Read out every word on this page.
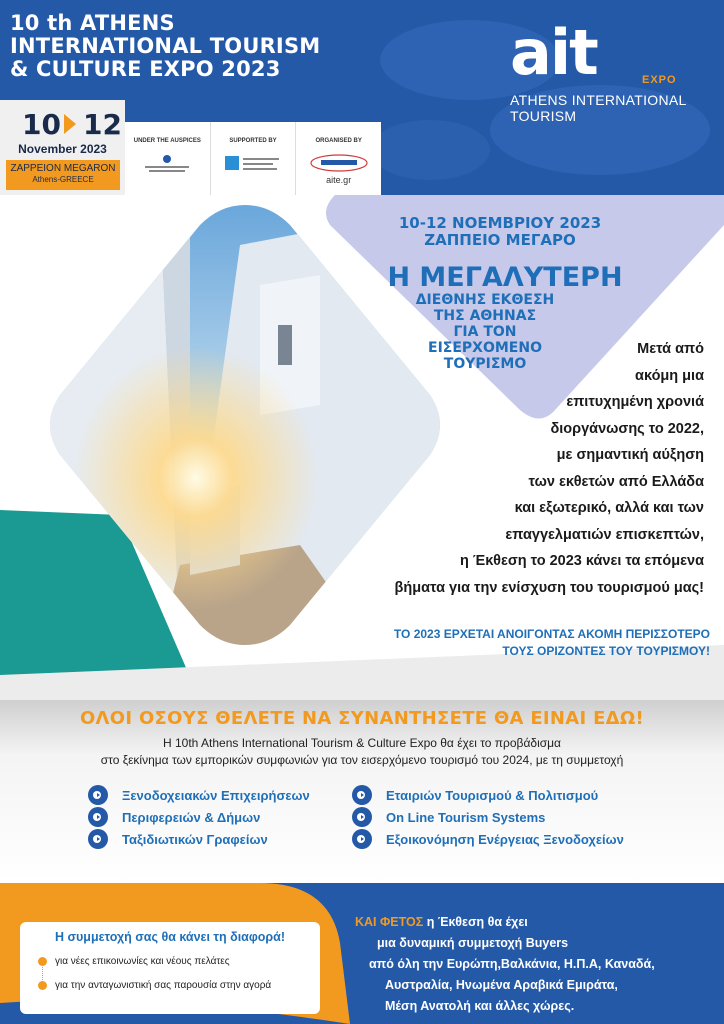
10 th ATHENS
INTERNATIONAL TOURISM
& CULTURE EXPO 2023	ait	EXPO
ATHENS INTERNATIONAL TOURISM
10 12
November 2023
ZAPPEION MEGARON
Athens-GREECE
UNDER THE AUSPICES	SUPPORTED BY	ORGANISED BY
aite.gr
10-12 ΝΟΕΜΒΡΙΟΥ 2023
ΖΑΠΠΕΙΟ ΜΕΓΑΡΟ
Η ΜΕΓΑΛΥΤΕΡΗ
ΔΙΕΘΝΗΣ ΕΚΘΕΣΗ
ΤΗΣ ΑΘΗΝΑΣ
ΓΙΑ ΤΟΝ
ΕΙΣΕΡΧΟΜΕΝΟ
ΤΟΥΡΙΣΜΟ
Μετά από
ακόμη μια
επιτυχημένη χρονιά
διοργάνωσης το 2022,
με σημαντική αύξηση
των εκθετών από Ελλάδα
και εξωτερικό, αλλά και των
επαγγελματιών επισκεπτών,
η Έκθεση το 2023 κάνει τα επόμενα
βήματα για την ενίσχυση του τουρισμού μας!
ΤΟ 2023 ΕΡΧΕΤΑΙ ΑΝΟΙΓΟΝΤΑΣ ΑΚΟΜΗ ΠΕΡΙΣΣΟΤΕΡΟ
ΤΟΥΣ ΟΡΙΖΟΝΤΕΣ ΤΟΥ ΤΟΥΡΙΣΜΟΥ!
ΟΛΟΙ ΟΣΟΥΣ ΘΕΛΕΤΕ ΝΑ ΣΥΝΑΝΤΗΣΕΤΕ ΘΑ ΕΙΝΑΙ ΕΔΩ!
Η 10th Athens International Tourism & Culture Expo θα έχει το προβάδισμα
στο ξεκίνημα των εμπορικών συμφωνιών για τον εισερχόμενο τουρισμό του 2024, με τη συμμετοχή
Ξενοδοχειακών Επιχειρήσεων
Περιφερειών & Δήμων
Ταξιδιωτικών Γραφείων
Εταιριών Τουρισμού & Πολιτισμού
On Line Tourism Systems
Εξοικονόμηση Ενέργειας Ξενοδοχείων
Η συμμετοχή σας θα κάνει τη διαφορά!
για νέες επικοινωνίες και νέους πελάτες
για την ανταγωνιστική σας παρουσία στην αγορά
ΚΑΙ ΦΕΤΟΣ η Έκθεση θα έχει
μια δυναμική συμμετοχή Buyers
από όλη την Ευρώπη,Βαλκάνια, Η.Π.Α, Καναδά,
Αυστραλία, Ηνωμένα Αραβικά Εμιράτα,
Μέση Ανατολή και άλλες χώρες.
